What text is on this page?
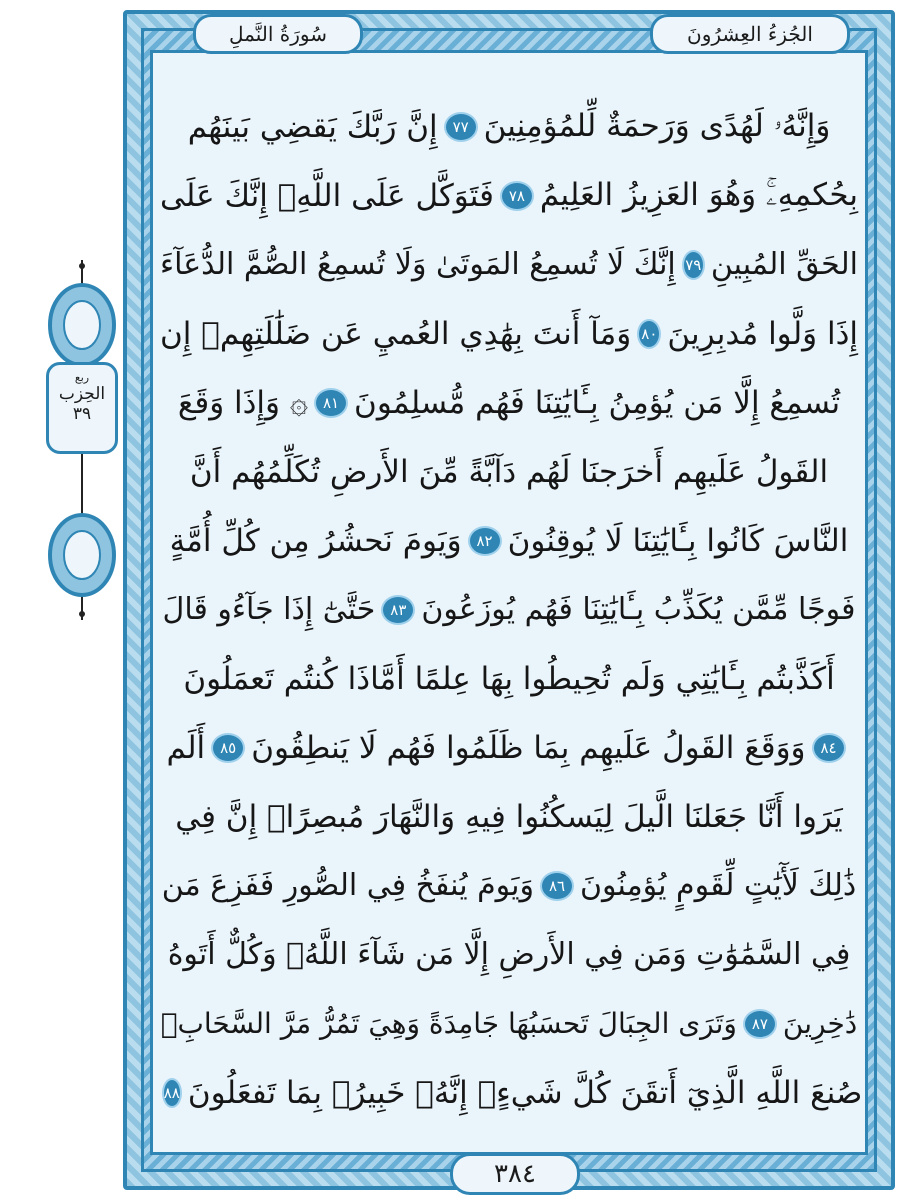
سُورَةُ النَّملِ	الجُزءُ العِشرُونَ
ربع
الحِزب
٣٩
وَإِنَّهُۥ لَهُدًى وَرَحمَةٌ لِّلمُؤمِنِينَ
٧٧
إِنَّ رَبَّكَ يَقضِي بَينَهُم
بِحُكمِهِۦۚ وَهُوَ العَزِيزُ العَلِيمُ
٧٨
فَتَوَكَّل عَلَى اللَّهِۖ إِنَّكَ عَلَى
الحَقِّ المُبِينِ
٧٩
إِنَّكَ لَا تُسمِعُ المَوتَىٰ وَلَا تُسمِعُ الصُّمَّ الدُّعَآءَ
إِذَا وَلَّوا مُدبِرِينَ
٨٠
وَمَآ أَنتَ بِهَٰدِي العُميِ عَن ضَلَٰلَتِهِمۖ إِن
تُسمِعُ إِلَّا مَن يُؤمِنُ بِـَٔايَٰتِنَا فَهُم مُّسلِمُونَ
٨١
۞ وَإِذَا وَقَعَ
القَولُ عَلَيهِم أَخرَجنَا لَهُم دَآبَّةً مِّنَ الأَرضِ تُكَلِّمُهُم أَنَّ
النَّاسَ كَانُوا بِـَٔايَٰتِنَا لَا يُوقِنُونَ
٨٢
وَيَومَ نَحشُرُ مِن كُلِّ أُمَّةٍ
فَوجًا مِّمَّن يُكَذِّبُ بِـَٔايَٰتِنَا فَهُم يُوزَعُونَ
٨٣
حَتَّىٰٓ إِذَا جَآءُو قَالَ
أَكَذَّبتُم بِـَٔايَٰتِي وَلَم تُحِيطُوا بِهَا عِلمًا أَمَّاذَا كُنتُم تَعمَلُونَ
٨٤
وَوَقَعَ القَولُ عَلَيهِم بِمَا ظَلَمُوا فَهُم لَا يَنطِقُونَ
٨٥
أَلَم
يَرَوا أَنَّا جَعَلنَا الَّيلَ لِيَسكُنُوا فِيهِ وَالنَّهَارَ مُبصِرًاۚ إِنَّ فِي
ذَٰلِكَ لَأٓيَٰتٍ لِّقَومٍ يُؤمِنُونَ
٨٦
وَيَومَ يُنفَخُ فِي الصُّورِ فَفَزِعَ مَن
فِي السَّمَٰوَٰتِ وَمَن فِي الأَرضِ إِلَّا مَن شَآءَ اللَّهُۚ وَكُلٌّ أَتَوهُ
دَٰخِرِينَ
٨٧
وَتَرَى الجِبَالَ تَحسَبُهَا جَامِدَةً وَهِيَ تَمُرُّ مَرَّ السَّحَابِۚ
صُنعَ اللَّهِ الَّذِيٓ أَتقَنَ كُلَّ شَيءٍۚ إِنَّهُۥ خَبِيرُۢ بِمَا تَفعَلُونَ
٨٨
٣٨٤
